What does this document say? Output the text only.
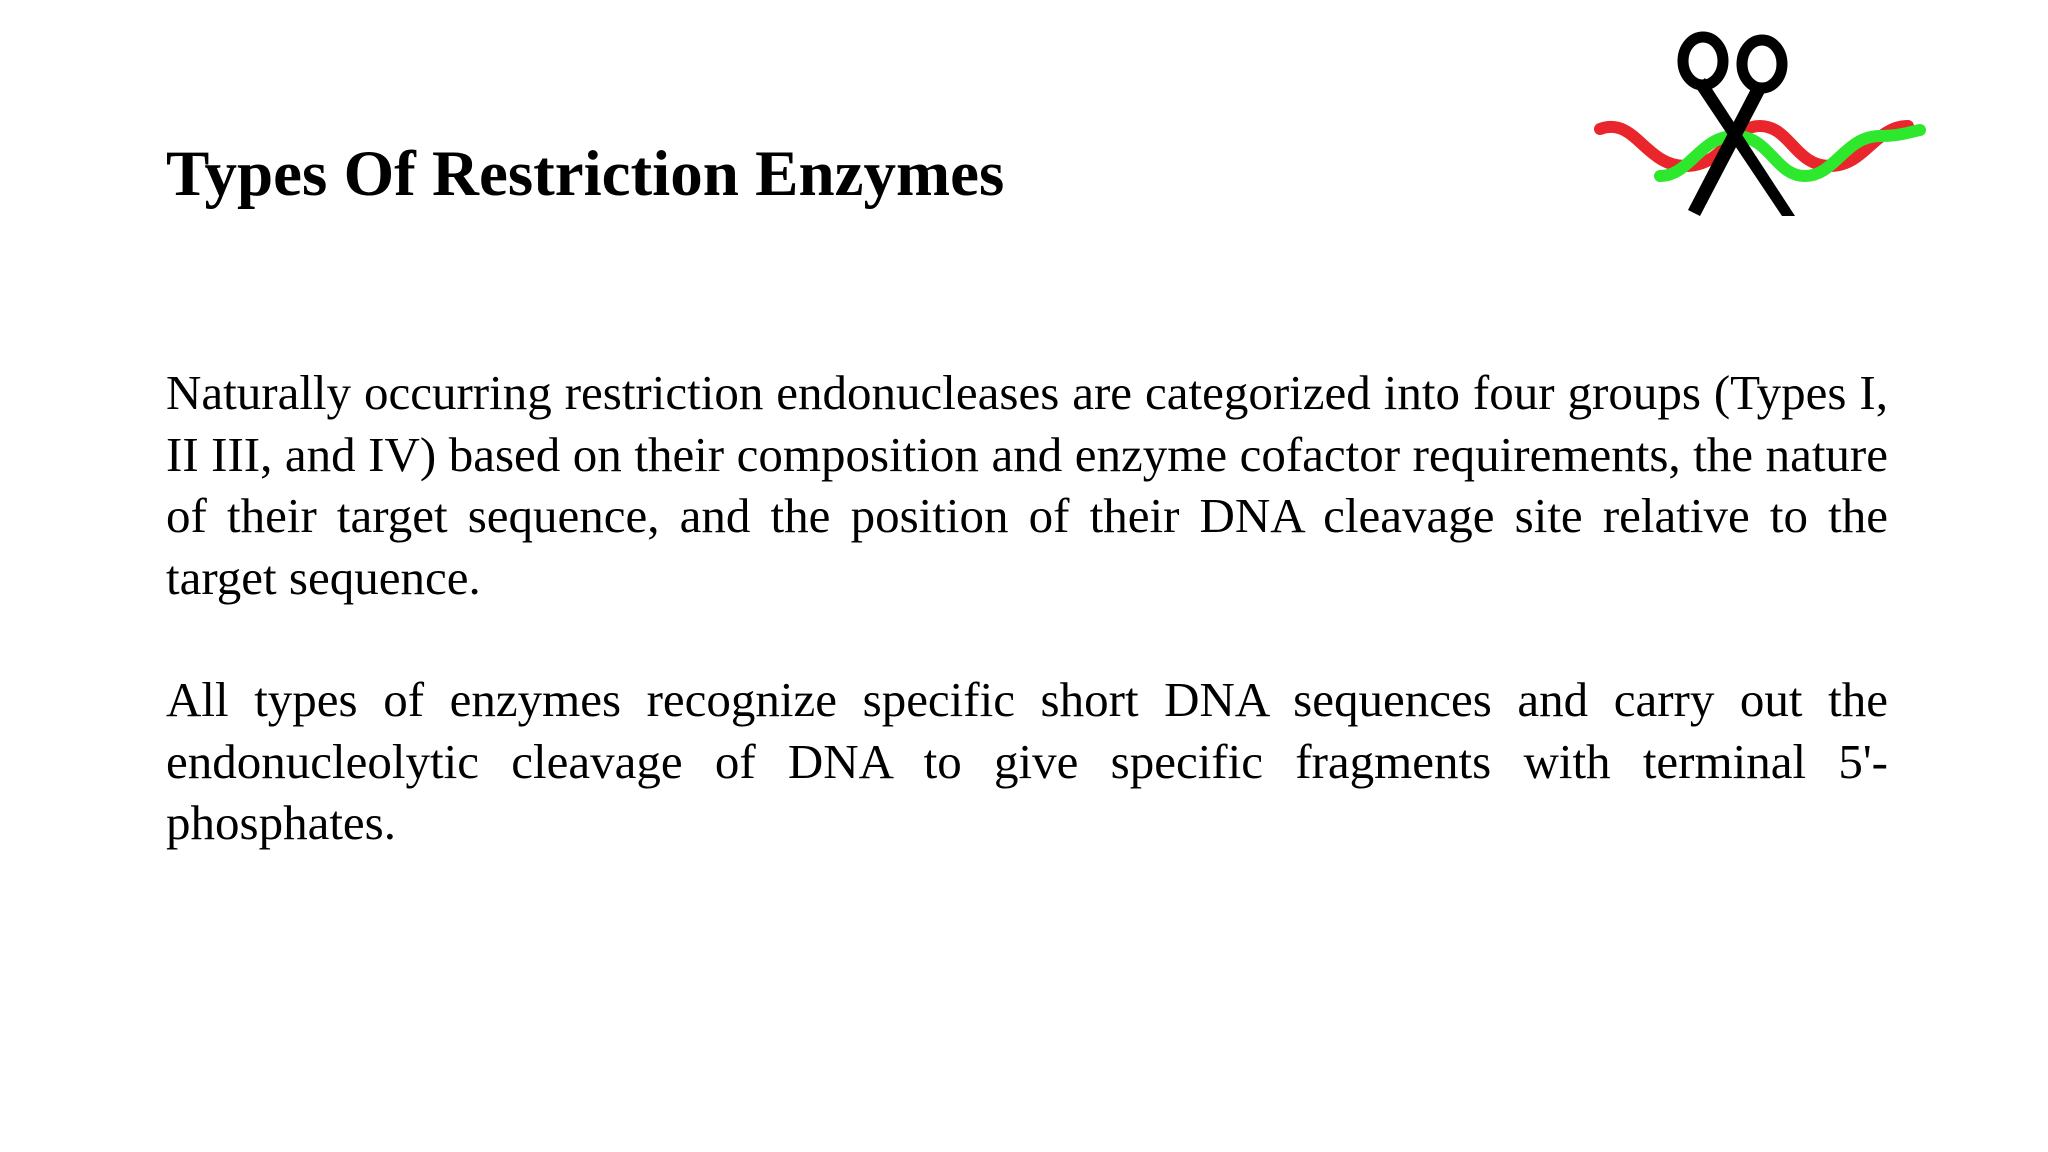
Types Of Restriction Enzymes

Naturally occurring restriction endonucleases are categorized into four groups (Types I, II III, and IV) based on their composition and enzyme cofactor requirements, the nature of their target sequence, and the position of their DNA cleavage site relative to the target sequence.

All types of enzymes recognize specific short DNA sequences and carry out the endonucleolytic cleavage of DNA to give specific fragments with terminal 5'-phosphates.
